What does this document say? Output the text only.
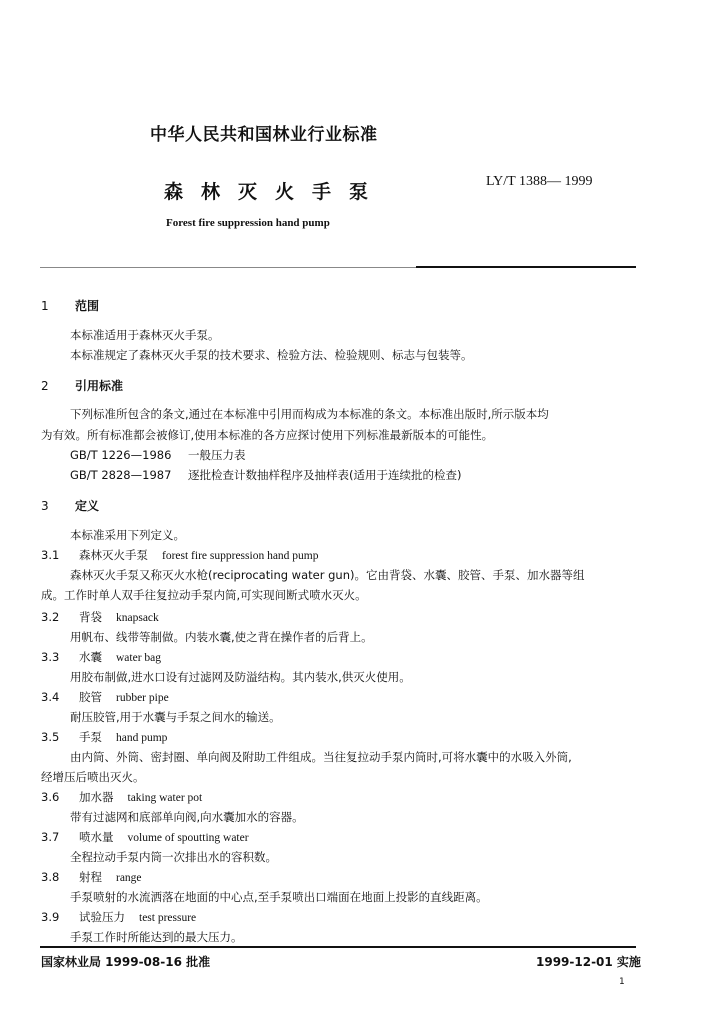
中华人民共和国林业行业标准
森林灭火手泵	LY/T 1388— 1999
Forest fire suppression hand pump
1 范围
本标准适用于森林灭火手泵。
本标准规定了森林灭火手泵的技术要求、检验方法、检验规则、标志与包装等。
2 引用标准
下列标准所包含的条文,通过在本标准中引用而构成为本标准的条文。本标准出版时,所示版本均
为有效。所有标准都会被修订,使用本标准的各方应探讨使用下列标准最新版本的可能性。
GB/T 1226—1986 一般压力表
GB/T 2828—1987 逐批检查计数抽样程序及抽样表(适用于连续批的检查)
3 定义
本标准采用下列定义。
3.1 森林灭火手泵 forest fire suppression hand pump
森林灭火手泵又称灭火水枪(reciprocating water gun)。它由背袋、水囊、胶管、手泵、加水器等组
成。工作时单人双手往复拉动手泵内筒,可实现间断式喷水灭火。
3.2 背袋 knapsack
用帆布、线带等制做。内装水囊,使之背在操作者的后背上。
3.3 水囊 water bag
用胶布制做,进水口设有过滤网及防溢结构。其内装水,供灭火使用。
3.4 胶管 rubber pipe
耐压胶管,用于水囊与手泵之间水的输送。
3.5 手泵 hand pump
由内筒、外筒、密封圈、单向阀及附助工件组成。当往复拉动手泵内筒时,可将水囊中的水吸入外筒,
经增压后喷出灭火。
3.6 加水器 taking water pot
带有过滤网和底部单向阀,向水囊加水的容器。
3.7 喷水量 volume of spoutting water
全程拉动手泵内筒一次排出水的容积数。
3.8 射程 range
手泵喷射的水流洒落在地面的中心点,至手泵喷出口端面在地面上投影的直线距离。
3.9 试验压力 test pressure
手泵工作时所能达到的最大压力。
国家林业局 1999-08-16 批准	1999-12-01 实施
1
